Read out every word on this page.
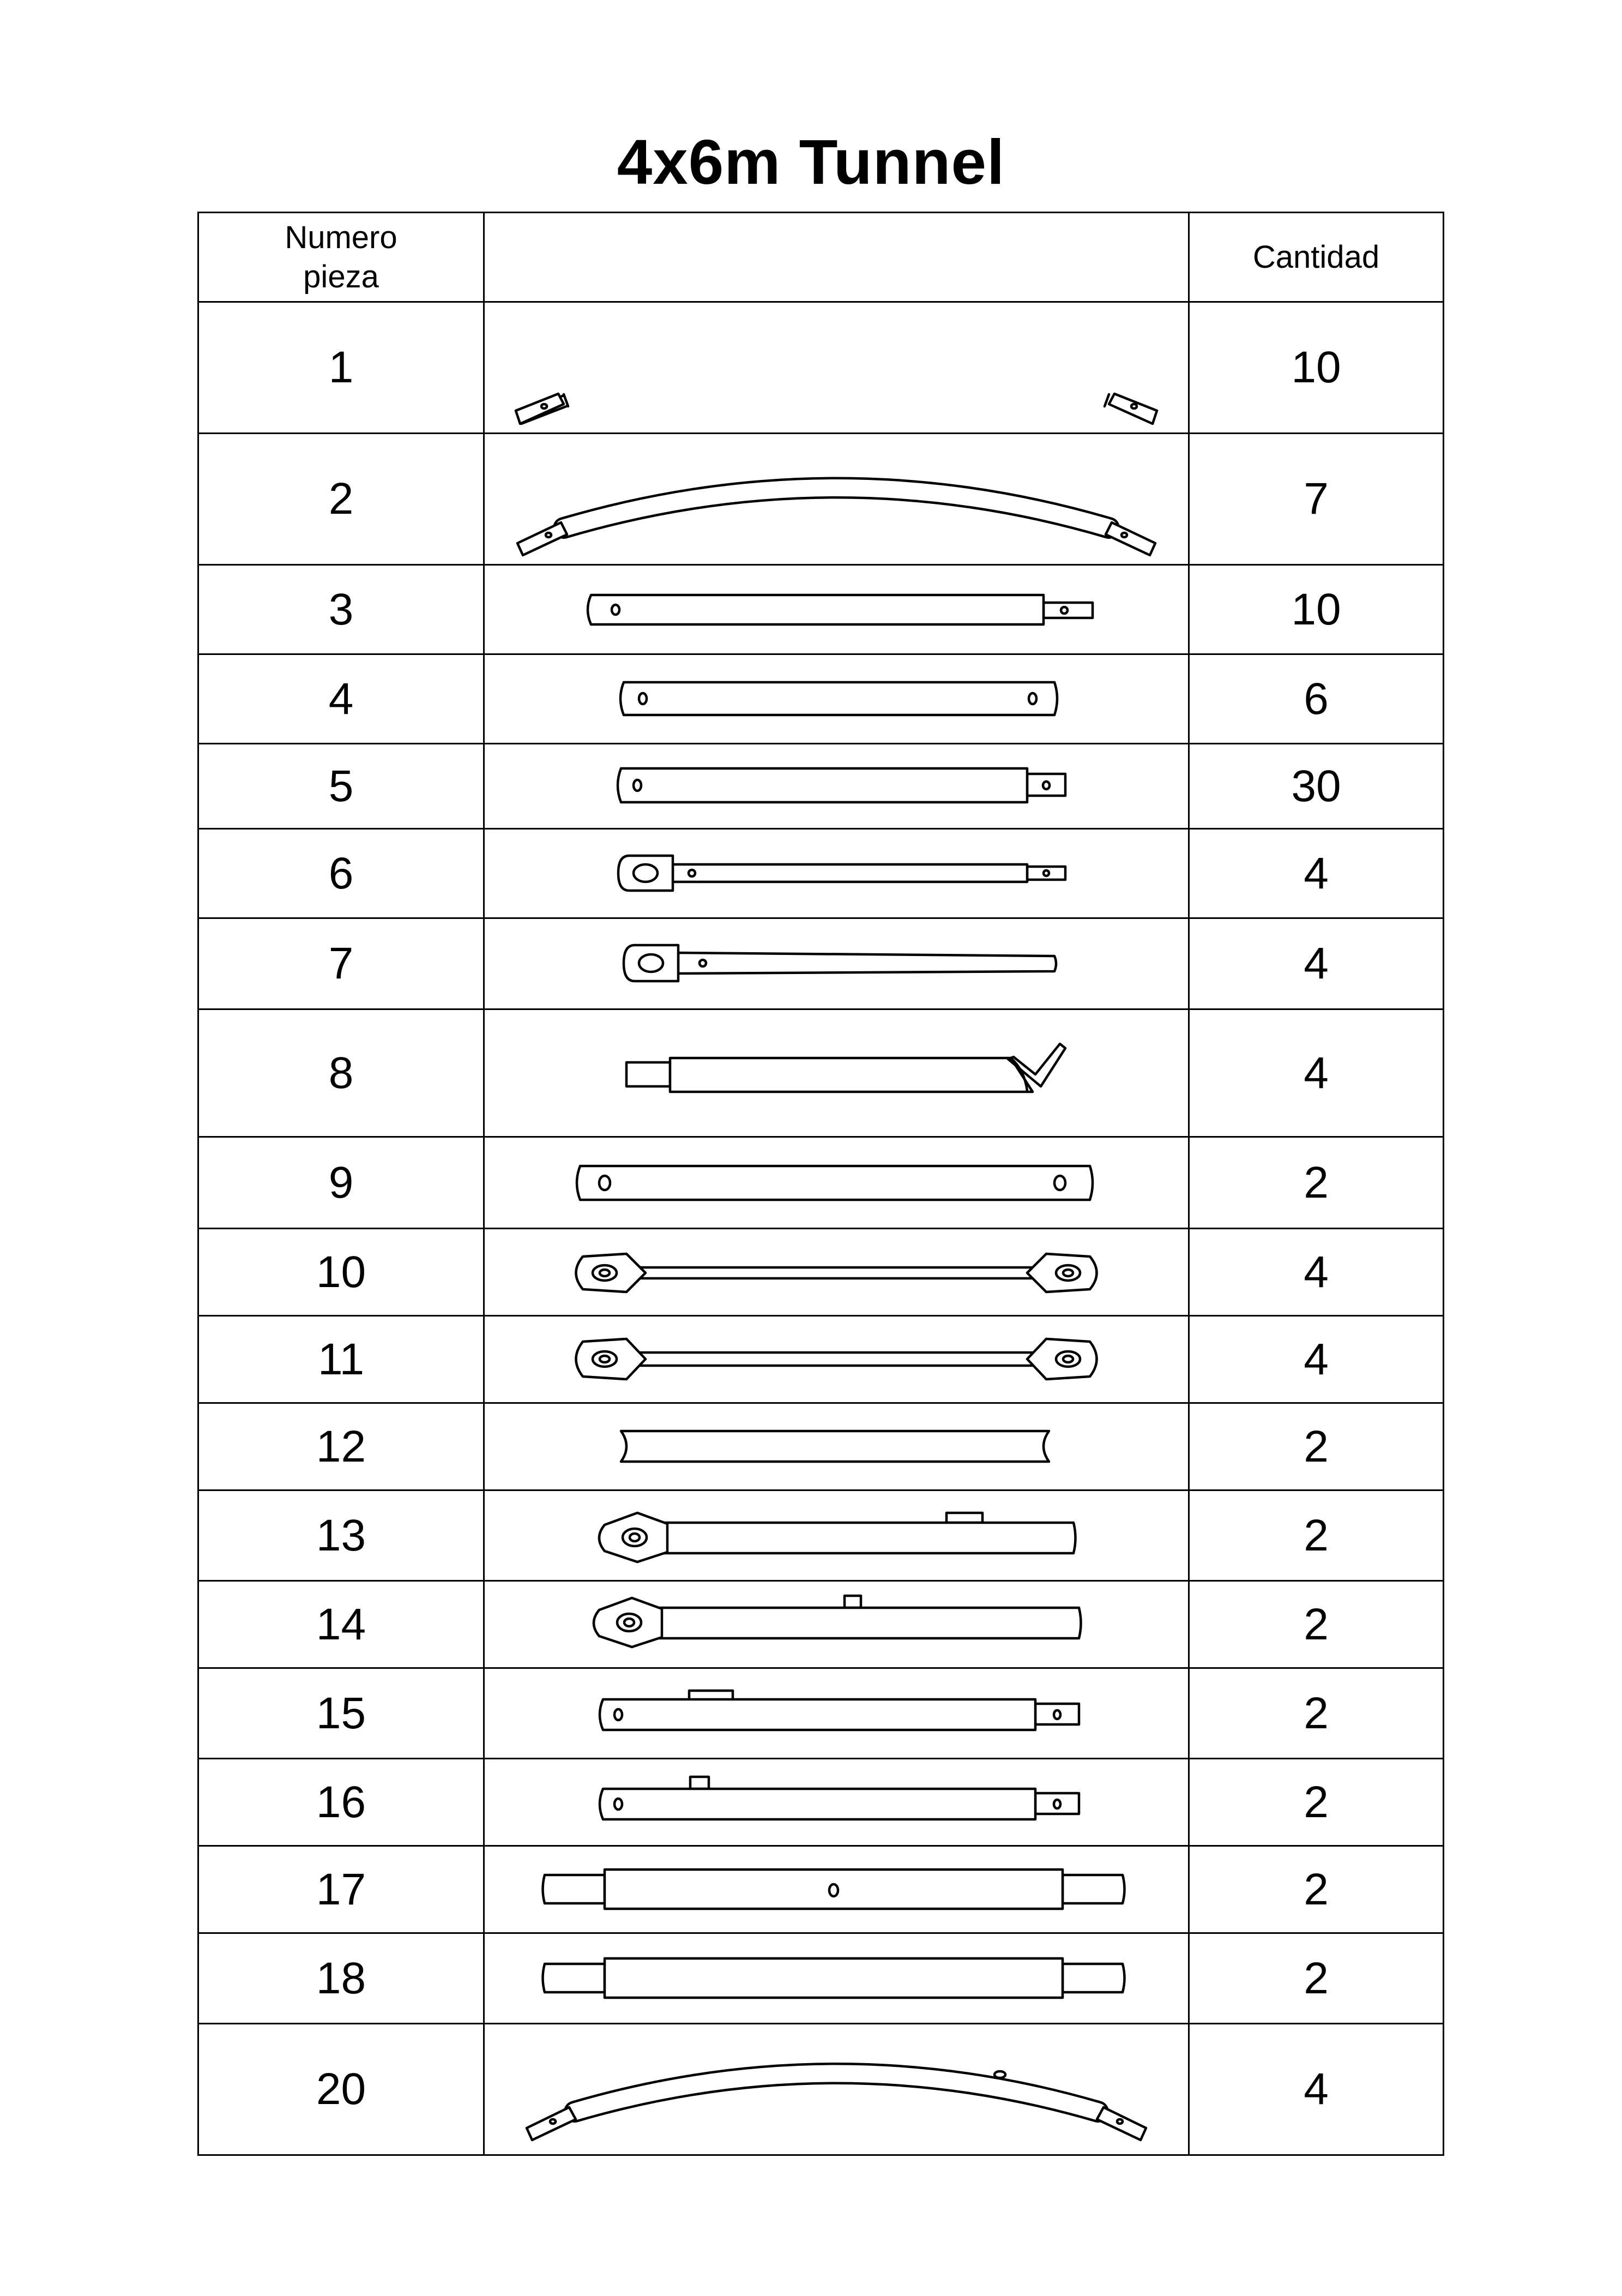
4x6m Tunnel
Numero pieza		Cantidad
1		10
2		7
3		10
4		6
5		30
6		4
7		4
8		4
9		2
10		4
11		4
12		2
13		2
14		2
15		2
16		2
17		2
18		2
20		4
